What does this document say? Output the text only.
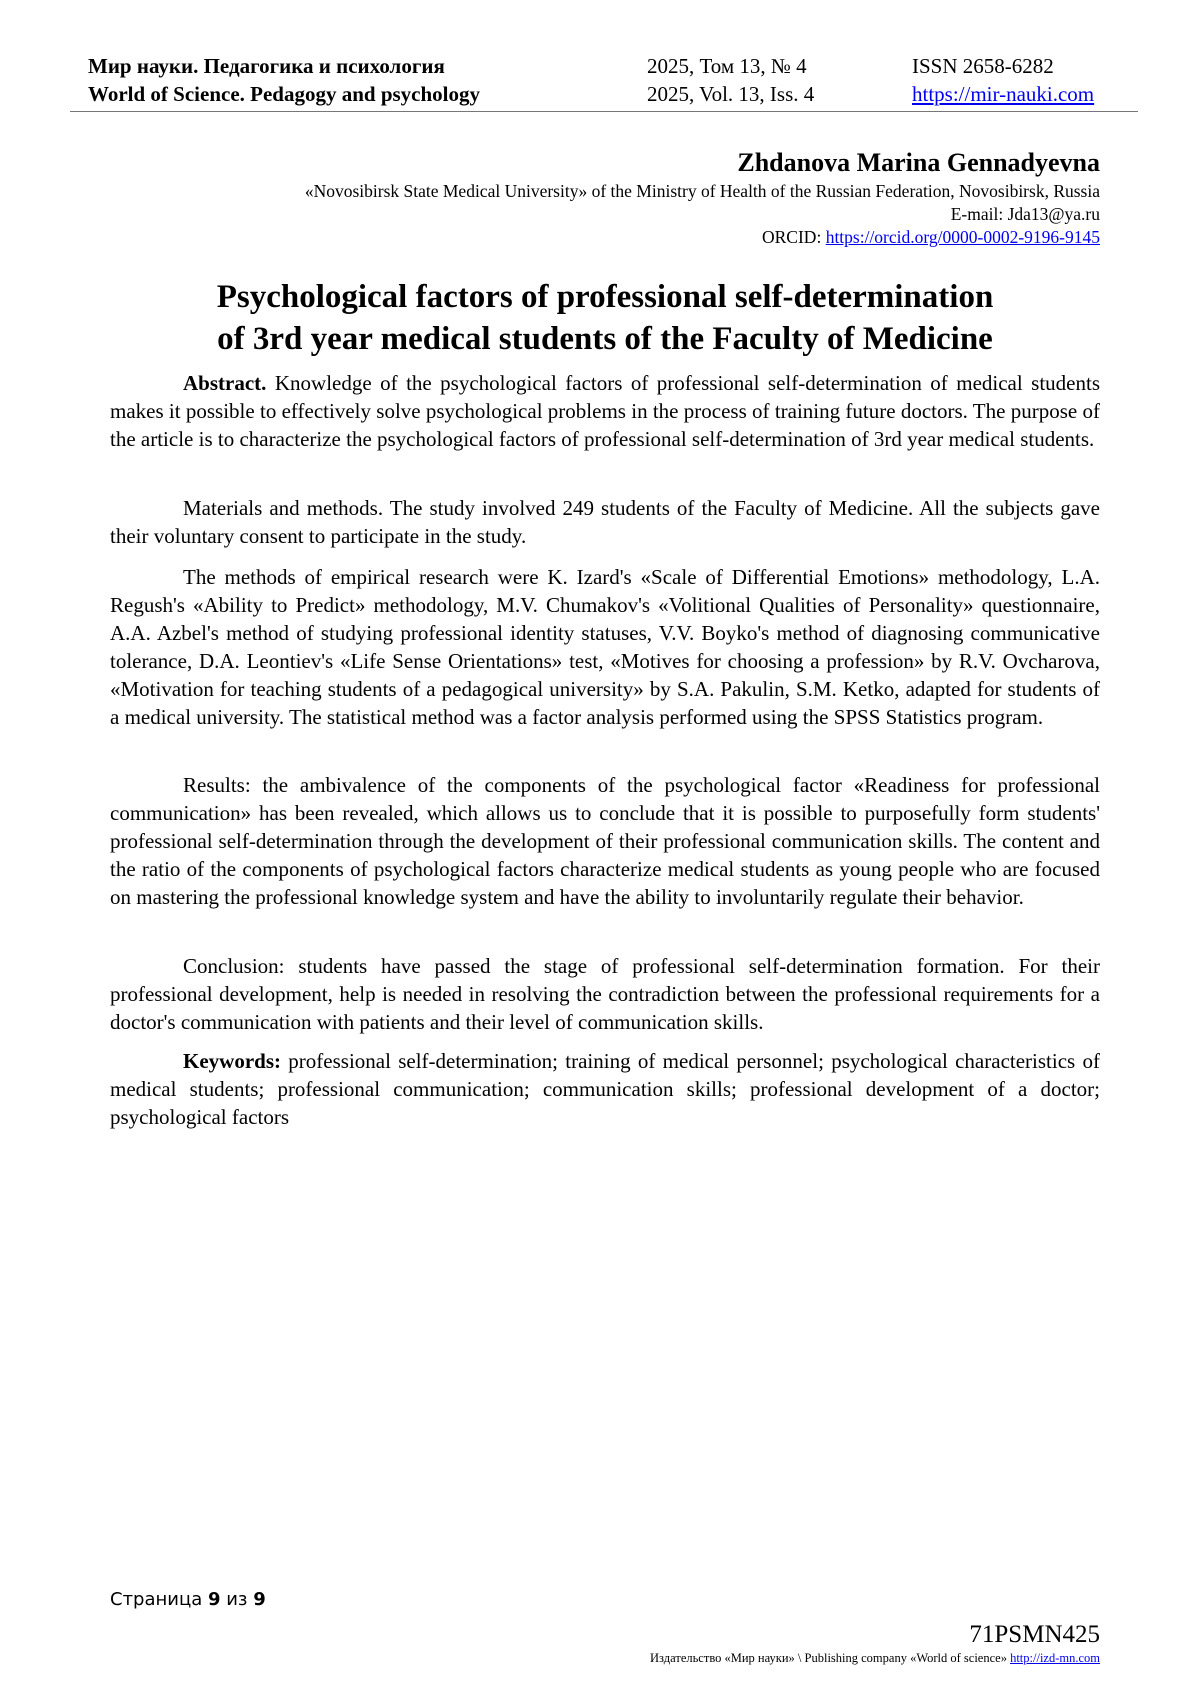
Мир науки. Педагогика и психология
World of Science. Pedagogy and psychology
2025, Том 13, № 4
2025, Vol. 13, Iss. 4
ISSN 2658-6282
https://mir-nauki.com
Zhdanova Marina Gennadyevna
«Novosibirsk State Medical University» of the Ministry of Health of the Russian Federation, Novosibirsk, Russia
E-mail: Jda13@ya.ru
ORCID: https://orcid.org/0000-0002-9196-9145
Psychological factors of professional self-determination
of 3rd year medical students of the Faculty of Medicine

Abstract. Knowledge of the psychological factors of professional self-determination of medical students makes it possible to effectively solve psychological problems in the process of training future doctors. The purpose of the article is to characterize the psychological factors of professional self-determination of 3rd year medical students.

Materials and methods. The study involved 249 students of the Faculty of Medicine. All the subjects gave their voluntary consent to participate in the study.

The methods of empirical research were K. Izard's «Scale of Differential Emotions» methodology, L.A. Regush's «Ability to Predict» methodology, M.V. Chumakov's «Volitional Qualities of Personality» questionnaire, A.A. Azbel's method of studying professional identity statuses, V.V. Boyko's method of diagnosing communicative tolerance, D.A. Leontiev's «Life Sense Orientations» test, «Motives for choosing a profession» by R.V. Ovcharova, «Motivation for teaching students of a pedagogical university» by S.A. Pakulin, S.M. Ketko, adapted for students of a medical university. The statistical method was a factor analysis performed using the SPSS Statistics program.

Results: the ambivalence of the components of the psychological factor «Readiness for professional communication» has been revealed, which allows us to conclude that it is possible to purposefully form students' professional self-determination through the development of their professional communication skills. The content and the ratio of the components of psychological factors characterize medical students as young people who are focused on mastering the professional knowledge system and have the ability to involuntarily regulate their behavior.

Conclusion: students have passed the stage of professional self-determination formation. For their professional development, help is needed in resolving the contradiction between the professional requirements for a doctor's communication with patients and their level of communication skills.

Keywords: professional self-determination; training of medical personnel; psychological characteristics of medical students; professional communication; communication skills; professional development of a doctor; psychological factors

Страница 9 из 9
71PSMN425
Издательство «Мир науки» \ Publishing company «World of science» http://izd-mn.com
